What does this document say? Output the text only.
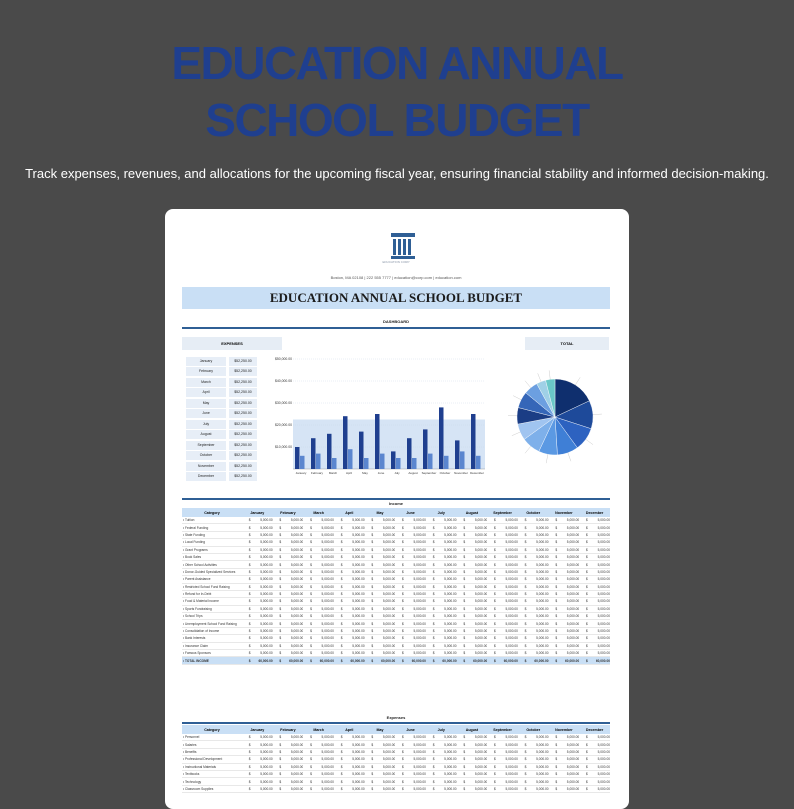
EDUCATION ANNUAL
SCHOOL BUDGET
Track expenses, revenues, and allocations for the upcoming fiscal year, ensuring financial stability and informed decision-making.
EDUCATION CORP
Boston, MA 02108 | 222 555 7777 | education@corp.com | education.com
EDUCATION ANNUAL SCHOOL BUDGET
DASHBOARD
EXPENSES	TOTAL
January	$52,250.00
February	$52,250.00
March	$52,250.00
April	$52,250.00
May	$52,250.00
June	$52,250.00
July	$52,250.00
August	$52,250.00
September	$52,250.00
October	$52,250.00
November	$52,250.00
December	$52,250.00
$10,000.00
$20,000.00
$30,000.00
$40,000.00
$50,000.00
January February March	April	May	June	July	August September October November December
Income
Category	January		February		March		April		May		June		July		August		September		October		November		December	
• Tuition	$	5,000.00	$	5,000.00	$	5,000.00	$	5,000.00	$	5,000.00	$	5,000.00	$	5,000.00	$	5,000.00	$	5,000.00	$	5,000.00	$	5,000.00	$	5,000.00
• Federal Funding	$	5,000.00	$	5,000.00	$	5,000.00	$	5,000.00	$	5,000.00	$	5,000.00	$	5,000.00	$	5,000.00	$	5,000.00	$	5,000.00	$	5,000.00	$	5,000.00
• State Funding	$	5,000.00	$	5,000.00	$	5,000.00	$	5,000.00	$	5,000.00	$	5,000.00	$	5,000.00	$	5,000.00	$	5,000.00	$	5,000.00	$	5,000.00	$	5,000.00
• Local Funding	$	5,000.00	$	5,000.00	$	5,000.00	$	5,000.00	$	5,000.00	$	5,000.00	$	5,000.00	$	5,000.00	$	5,000.00	$	5,000.00	$	5,000.00	$	5,000.00
• Grant Programs	$	5,000.00	$	5,000.00	$	5,000.00	$	5,000.00	$	5,000.00	$	5,000.00	$	5,000.00	$	5,000.00	$	5,000.00	$	5,000.00	$	5,000.00	$	5,000.00
• Book Sales	$	5,000.00	$	5,000.00	$	5,000.00	$	5,000.00	$	5,000.00	$	5,000.00	$	5,000.00	$	5,000.00	$	5,000.00	$	5,000.00	$	5,000.00	$	5,000.00
• Other School Activities	$	5,000.00	$	5,000.00	$	5,000.00	$	5,000.00	$	5,000.00	$	5,000.00	$	5,000.00	$	5,000.00	$	5,000.00	$	5,000.00	$	5,000.00	$	5,000.00
• Donor-Guided Specialized Services	$	5,000.00	$	5,000.00	$	5,000.00	$	5,000.00	$	5,000.00	$	5,000.00	$	5,000.00	$	5,000.00	$	5,000.00	$	5,000.00	$	5,000.00	$	5,000.00
• Parent Assistance	$	5,000.00	$	5,000.00	$	5,000.00	$	5,000.00	$	5,000.00	$	5,000.00	$	5,000.00	$	5,000.00	$	5,000.00	$	5,000.00	$	5,000.00	$	5,000.00
• Restricted School Fund Raising	$	5,000.00	$	5,000.00	$	5,000.00	$	5,000.00	$	5,000.00	$	5,000.00	$	5,000.00	$	5,000.00	$	5,000.00	$	5,000.00	$	5,000.00	$	5,000.00
• Refund for In-Debt	$	5,000.00	$	5,000.00	$	5,000.00	$	5,000.00	$	5,000.00	$	5,000.00	$	5,000.00	$	5,000.00	$	5,000.00	$	5,000.00	$	5,000.00	$	5,000.00
• Food & Material Income	$	5,000.00	$	5,000.00	$	5,000.00	$	5,000.00	$	5,000.00	$	5,000.00	$	5,000.00	$	5,000.00	$	5,000.00	$	5,000.00	$	5,000.00	$	5,000.00
• Sports Fundraising	$	5,000.00	$	5,000.00	$	5,000.00	$	5,000.00	$	5,000.00	$	5,000.00	$	5,000.00	$	5,000.00	$	5,000.00	$	5,000.00	$	5,000.00	$	5,000.00
• School Trips	$	5,000.00	$	5,000.00	$	5,000.00	$	5,000.00	$	5,000.00	$	5,000.00	$	5,000.00	$	5,000.00	$	5,000.00	$	5,000.00	$	5,000.00	$	5,000.00
• Unemployment School Fund Raising	$	5,000.00	$	5,000.00	$	5,000.00	$	5,000.00	$	5,000.00	$	5,000.00	$	5,000.00	$	5,000.00	$	5,000.00	$	5,000.00	$	5,000.00	$	5,000.00
• Consolidation of Income	$	5,000.00	$	5,000.00	$	5,000.00	$	5,000.00	$	5,000.00	$	5,000.00	$	5,000.00	$	5,000.00	$	5,000.00	$	5,000.00	$	5,000.00	$	5,000.00
• Bank Interests	$	5,000.00	$	5,000.00	$	5,000.00	$	5,000.00	$	5,000.00	$	5,000.00	$	5,000.00	$	5,000.00	$	5,000.00	$	5,000.00	$	5,000.00	$	5,000.00
• Insurance Claim	$	5,000.00	$	5,000.00	$	5,000.00	$	5,000.00	$	5,000.00	$	5,000.00	$	5,000.00	$	5,000.00	$	5,000.00	$	5,000.00	$	5,000.00	$	5,000.00
• Famous Sponsors	$	5,000.00	$	5,000.00	$	5,000.00	$	5,000.00	$	5,000.00	$	5,000.00	$	5,000.00	$	5,000.00	$	5,000.00	$	5,000.00	$	5,000.00	$	5,000.00
• TOTAL INCOME	$	60,000.00	$	60,000.00	$	60,000.00	$	60,000.00	$	60,000.00	$	60,000.00	$	60,000.00	$	60,000.00	$	60,000.00	$	60,000.00	$	60,000.00	$	60,000.00
Expenses
Category	January		February		March		April		May		June		July		August		September		October		November		December	
• Personnel	$	5,000.00	$	5,000.00	$	5,000.00	$	5,000.00	$	5,000.00	$	5,000.00	$	5,000.00	$	5,000.00	$	5,000.00	$	5,000.00	$	5,000.00	$	5,000.00
• Salaries	$	5,000.00	$	5,000.00	$	5,000.00	$	5,000.00	$	5,000.00	$	5,000.00	$	5,000.00	$	5,000.00	$	5,000.00	$	5,000.00	$	5,000.00	$	5,000.00
• Benefits	$	5,000.00	$	5,000.00	$	5,000.00	$	5,000.00	$	5,000.00	$	5,000.00	$	5,000.00	$	5,000.00	$	5,000.00	$	5,000.00	$	5,000.00	$	5,000.00
• Professional Development	$	5,000.00	$	5,000.00	$	5,000.00	$	5,000.00	$	5,000.00	$	5,000.00	$	5,000.00	$	5,000.00	$	5,000.00	$	5,000.00	$	5,000.00	$	5,000.00
• Instructional Materials	$	5,000.00	$	5,000.00	$	5,000.00	$	5,000.00	$	5,000.00	$	5,000.00	$	5,000.00	$	5,000.00	$	5,000.00	$	5,000.00	$	5,000.00	$	5,000.00
• Textbooks	$	5,000.00	$	5,000.00	$	5,000.00	$	5,000.00	$	5,000.00	$	5,000.00	$	5,000.00	$	5,000.00	$	5,000.00	$	5,000.00	$	5,000.00	$	5,000.00
• Technology	$	5,000.00	$	5,000.00	$	5,000.00	$	5,000.00	$	5,000.00	$	5,000.00	$	5,000.00	$	5,000.00	$	5,000.00	$	5,000.00	$	5,000.00	$	5,000.00
• Classroom Supplies	$	5,000.00	$	5,000.00	$	5,000.00	$	5,000.00	$	5,000.00	$	5,000.00	$	5,000.00	$	5,000.00	$	5,000.00	$	5,000.00	$	5,000.00	$	5,000.00
